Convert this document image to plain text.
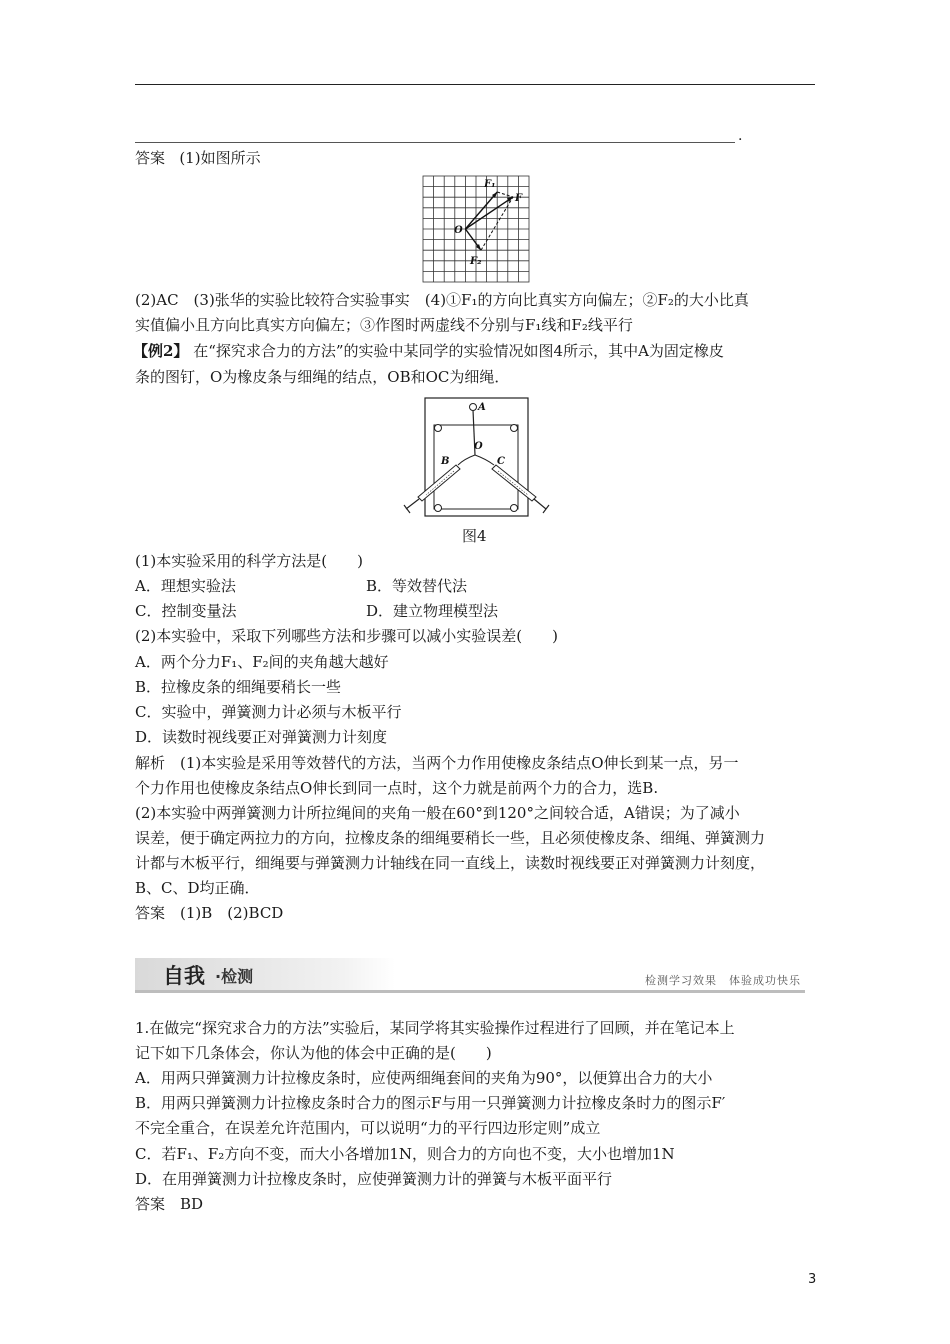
.
答案 (1)如图所示
F₁
F
O
F₂
(2)AC　(3)张华的实验比较符合实验事实　(4)①F₁的方向比真实方向偏左；②F₂的大小比真
实值偏小且方向比真实方向偏左；③作图时两虚线不分别与F₁线和F₂线平行
【例2】 在“探究求合力的方法”的实验中某同学的实验情况如图4所示，其中A为固定橡皮
条的图钉，O为橡皮条与细绳的结点，OB和OC为细绳．
A
O
B	C
图4
(1)本实验采用的科学方法是(　　)
A．理想实验法	B．等效替代法
C．控制变量法	D．建立物理模型法
(2)本实验中，采取下列哪些方法和步骤可以减小实验误差(　　)
A．两个分力F₁、F₂间的夹角越大越好
B．拉橡皮条的细绳要稍长一些
C．实验中，弹簧测力计必须与木板平行
D．读数时视线要正对弹簧测力计刻度
解析　(1)本实验是采用等效替代的方法，当两个力作用使橡皮条结点O伸长到某一点，另一
个力作用也使橡皮条结点O伸长到同一点时，这个力就是前两个力的合力，选B.
(2)本实验中两弹簧测力计所拉绳间的夹角一般在60°到120°之间较合适，A错误；为了减小
误差，便于确定两拉力的方向，拉橡皮条的细绳要稍长一些，且必须使橡皮条、细绳、弹簧测力
计都与木板平行，细绳要与弹簧测力计轴线在同一直线上，读数时视线要正对弹簧测力计刻度，
B、C、D均正确．
答案　(1)B　(2)BCD
自我 ·检测	检测学习效果　体验成功快乐
1.在做完“探究求合力的方法”实验后，某同学将其实验操作过程进行了回顾，并在笔记本上
记下如下几条体会，你认为他的体会中正确的是(　　)
A．用两只弹簧测力计拉橡皮条时，应使两细绳套间的夹角为90°，以便算出合力的大小
B．用两只弹簧测力计拉橡皮条时合力的图示F与用一只弹簧测力计拉橡皮条时力的图示F′
不完全重合，在误差允许范围内，可以说明“力的平行四边形定则”成立
C．若F₁、F₂方向不变，而大小各增加1N，则合力的方向也不变，大小也增加1N
D．在用弹簧测力计拉橡皮条时，应使弹簧测力计的弹簧与木板平面平行
答案　BD
3
